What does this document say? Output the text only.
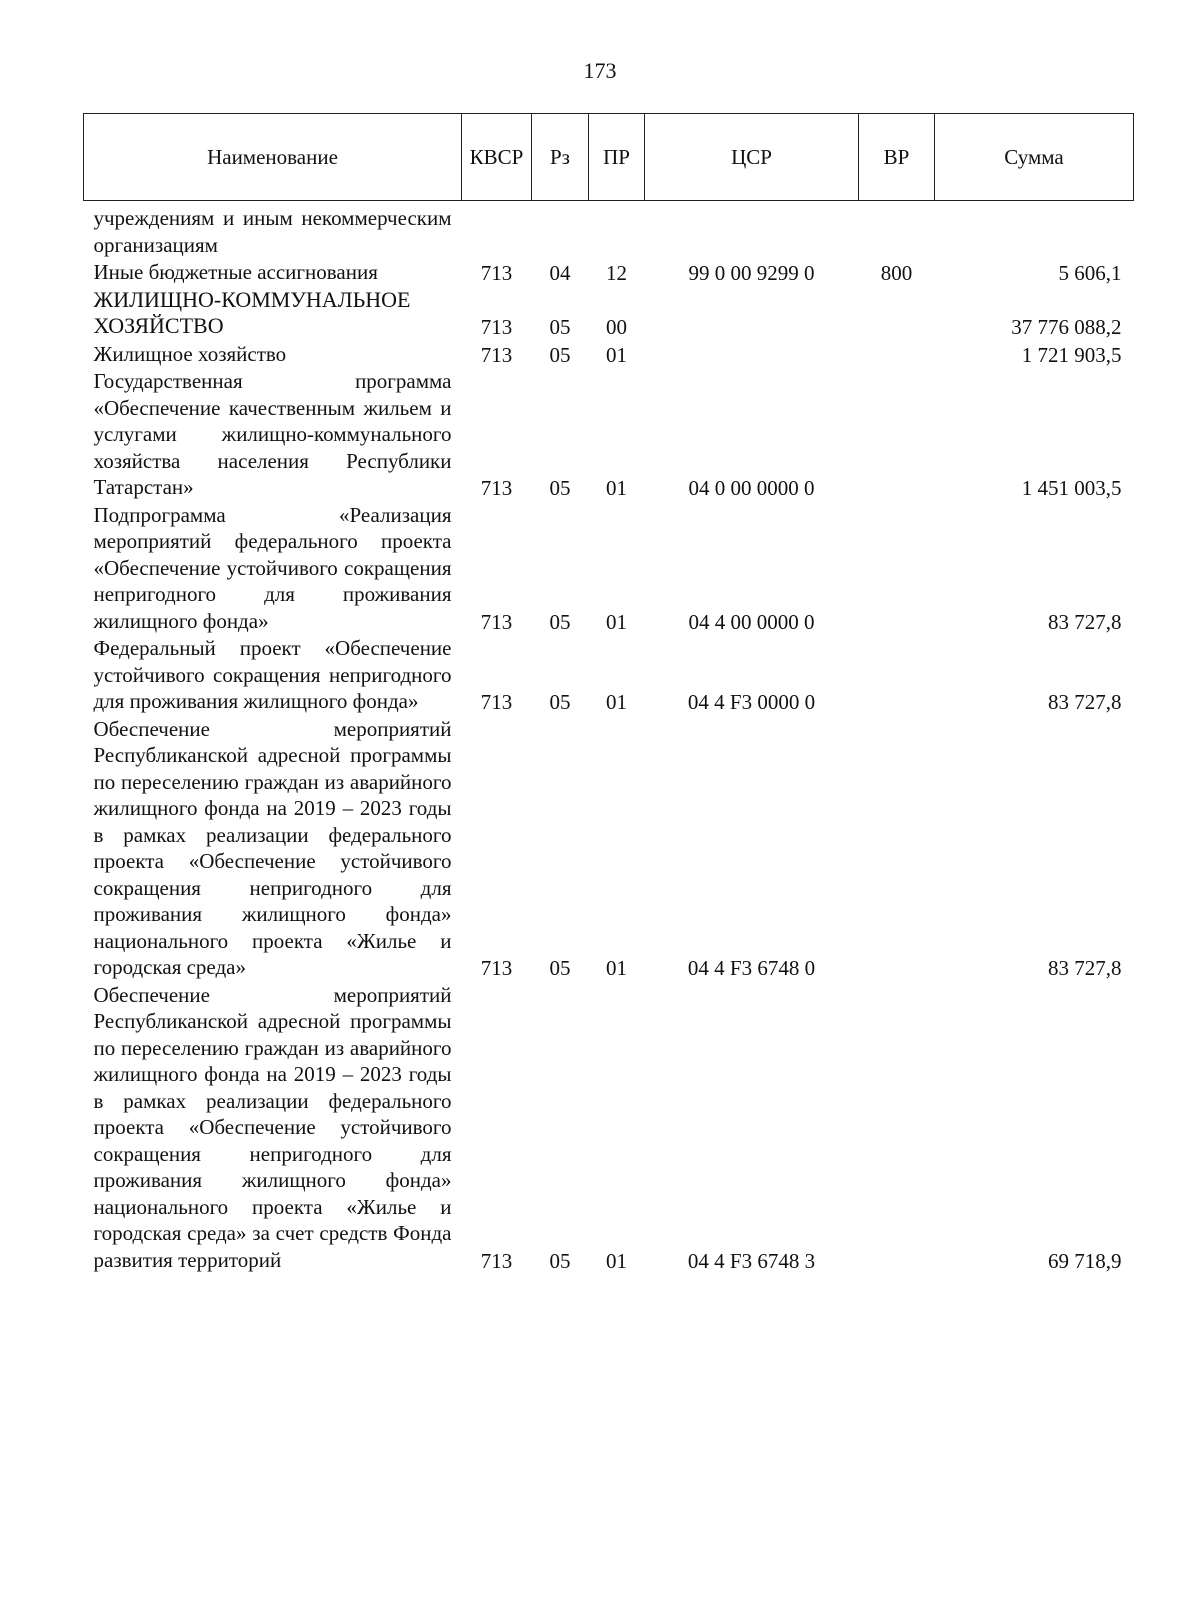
173
Наименование	КВСР	Рз	ПР	ЦСР	ВР	Сумма
учреждениям и иным некоммерческим организациям						
Иные бюджетные ассигнования	713	04	12	99 0 00 9299 0	800	5 606,1
ЖИЛИЩНО-КОММУНАЛЬНОЕ ХОЗЯЙСТВО	713	05	00			37 776 088,2
Жилищное хозяйство	713	05	01			1 721 903,5
Государственная программа «Обеспечение качественным жильем и услугами жилищно-коммунального хозяйства населения Республики Татарстан»	713	05	01	04 0 00 0000 0		1 451 003,5
Подпрограмма «Реализация мероприятий федерального проекта «Обеспечение устойчивого сокращения непригодного для проживания жилищного фонда»	713	05	01	04 4 00 0000 0		83 727,8
Федеральный проект «Обеспечение устойчивого сокращения непригодного для проживания жилищного фонда»	713	05	01	04 4 F3 0000 0		83 727,8
Обеспечение мероприятий Республиканской адресной программы по переселению граждан из аварийного жилищного фонда на 2019 – 2023 годы в рамках реализации федерального проекта «Обеспечение устойчивого сокращения непригодного для проживания жилищного фонда» национального проекта «Жилье и городская среда»	713	05	01	04 4 F3 6748 0		83 727,8
Обеспечение мероприятий Республиканской адресной программы по переселению граждан из аварийного жилищного фонда на 2019 – 2023 годы в рамках реализации федерального проекта «Обеспечение устойчивого сокращения непригодного для проживания жилищного фонда» национального проекта «Жилье и городская среда» за счет средств Фонда развития территорий	713	05	01	04 4 F3 6748 3		69 718,9
